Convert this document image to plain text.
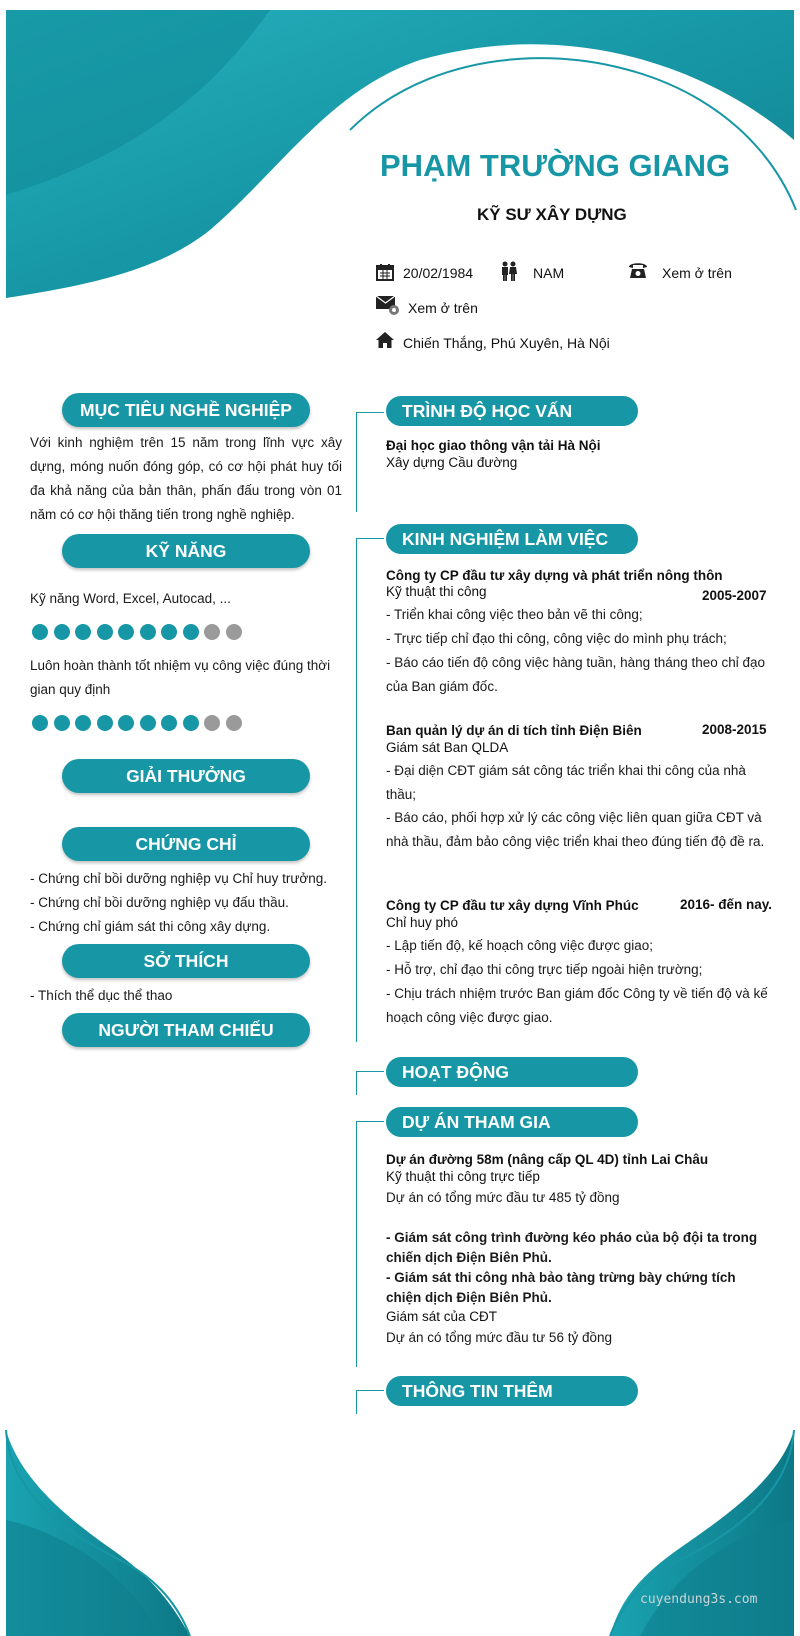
PHẠM TRƯỜNG GIANG
KỸ SƯ XÂY DỰNG
20/02/1984	NAM	Xem ở trên
Xem ở trên
Chiến Thắng, Phú Xuyên, Hà Nội
MỤC TIÊU NGHỀ NGHIỆP
Với kinh nghiệm trên 15 năm trong lĩnh vực xây dựng, móng nuốn đóng góp, có cơ hội phát huy tối đa khả năng của bản thân, phấn đấu trong vòn 01 năm có cơ hội thăng tiến trong nghề nghiệp.
KỸ NĂNG
Kỹ năng Word, Excel, Autocad, ...
Luôn hoàn thành tốt nhiệm vụ công việc đúng thời gian quy định
GIẢI THƯỞNG
CHỨNG CHỈ
- Chứng chỉ bồi dưỡng nghiệp vụ Chỉ huy trưởng.
- Chứng chỉ bồi dưỡng nghiệp vụ đấu thầu.
- Chứng chỉ giám sát thi công xây dựng.
SỞ THÍCH
- Thích thể dục thể thao
NGƯỜI THAM CHIẾU
TRÌNH ĐỘ HỌC VẤN
Đại học giao thông vận tải Hà Nội
Xây dựng Cầu đường
KINH NGHIỆM LÀM VIỆC
Công ty CP đầu tư xây dựng và phát triển nông thôn
Kỹ thuật thi công	2005-2007
- Triển khai công việc theo bản vẽ thi công;
- Trực tiếp chỉ đạo thi công, công việc do mình phụ trách;
- Báo cáo tiến độ công việc hàng tuần, hàng tháng theo chỉ đạo của Ban giám đốc.
Ban quản lý dự án di tích tỉnh Điện Biên	2008-2015
Giám sát Ban QLDA
- Đại diện CĐT giám sát công tác triển khai thi công của nhà thầu;
- Báo cáo, phối hợp xử lý các công việc liên quan giữa CĐT và nhà thầu, đảm bảo công việc triển khai theo đúng tiến độ đề ra.
Công ty CP đầu tư xây dựng Vĩnh Phúc	2016- đến nay.
Chỉ huy phó
- Lập tiến độ, kế hoạch công việc được giao;
- Hỗ trợ, chỉ đạo thi công trực tiếp ngoài hiện trường;
- Chịu trách nhiệm trước Ban giám đốc Công ty về tiến độ và kế hoạch công việc được giao.
HOẠT ĐỘNG
DỰ ÁN THAM GIA
Dự án đường 58m (nâng cấp QL 4D) tỉnh Lai Châu
Kỹ thuật thi công trực tiếp
Dự án có tổng mức đầu tư 485 tỷ đồng
- Giám sát công trình đường kéo pháo của bộ đội ta trong chiến dịch Điện Biên Phủ.
- Giám sát thi công nhà bảo tàng trừng bày chứng tích chiện dịch Điện Biên Phủ.
Giám sát của CĐT
Dự án có tổng mức đầu tư 56 tỷ đồng
THÔNG TIN THÊM
cuyendung3s.com
